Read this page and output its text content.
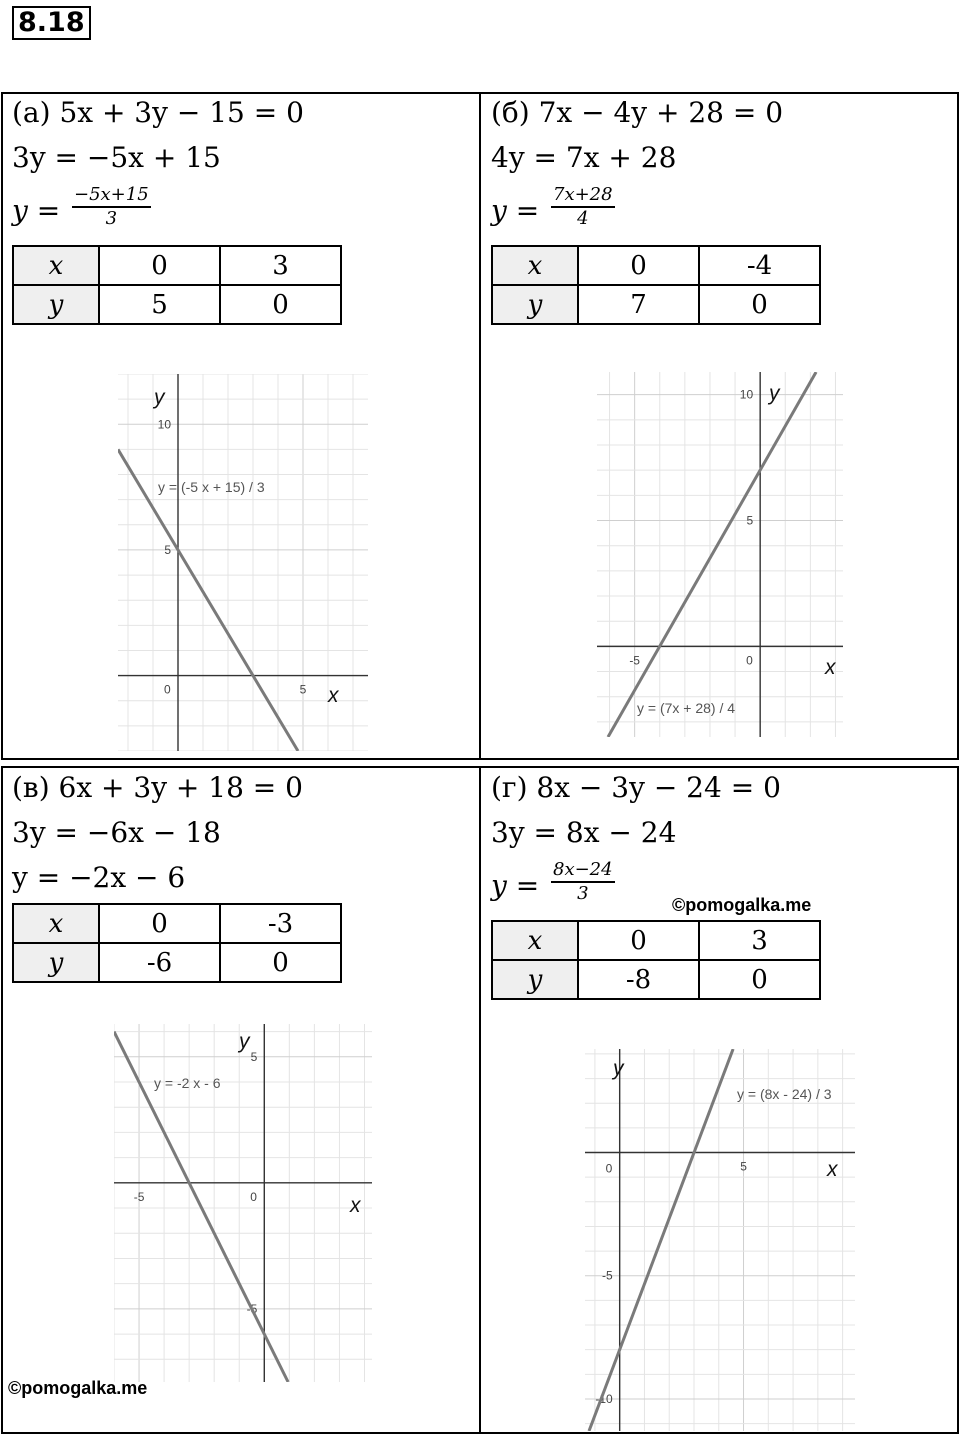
8.18
(а) 5x + 3y − 15 = 0
3y = −5x + 15
$y = \frac{-5x+15}{3}$
x	0	3
y	5	0
10
5
5
0
y
x
y = (-5 x + 15) / 3
(б) 7x − 4y + 28 = 0
4y = 7x + 28
$y = \frac{7x+28}{4}$
x	0	-4
y	7	0
10
5
-5	0
y
x
y = (7x + 28) / 4
(в) 6x + 3y + 18 = 0
3y = −6x − 18
y = −2x − 6
x	0	-3
y	-6	0
5
-5
-5	0
y
x
y = -2 x - 6
(г) 8x − 3y − 24 = 0
3y = 8x − 24
$y = \frac{8x-24}{3}$
x	0	3
y	-8	0
-5
-10
5
0
y
x
y = (8x - 24) / 3
©pomogalka.me
©pomogalka.me
